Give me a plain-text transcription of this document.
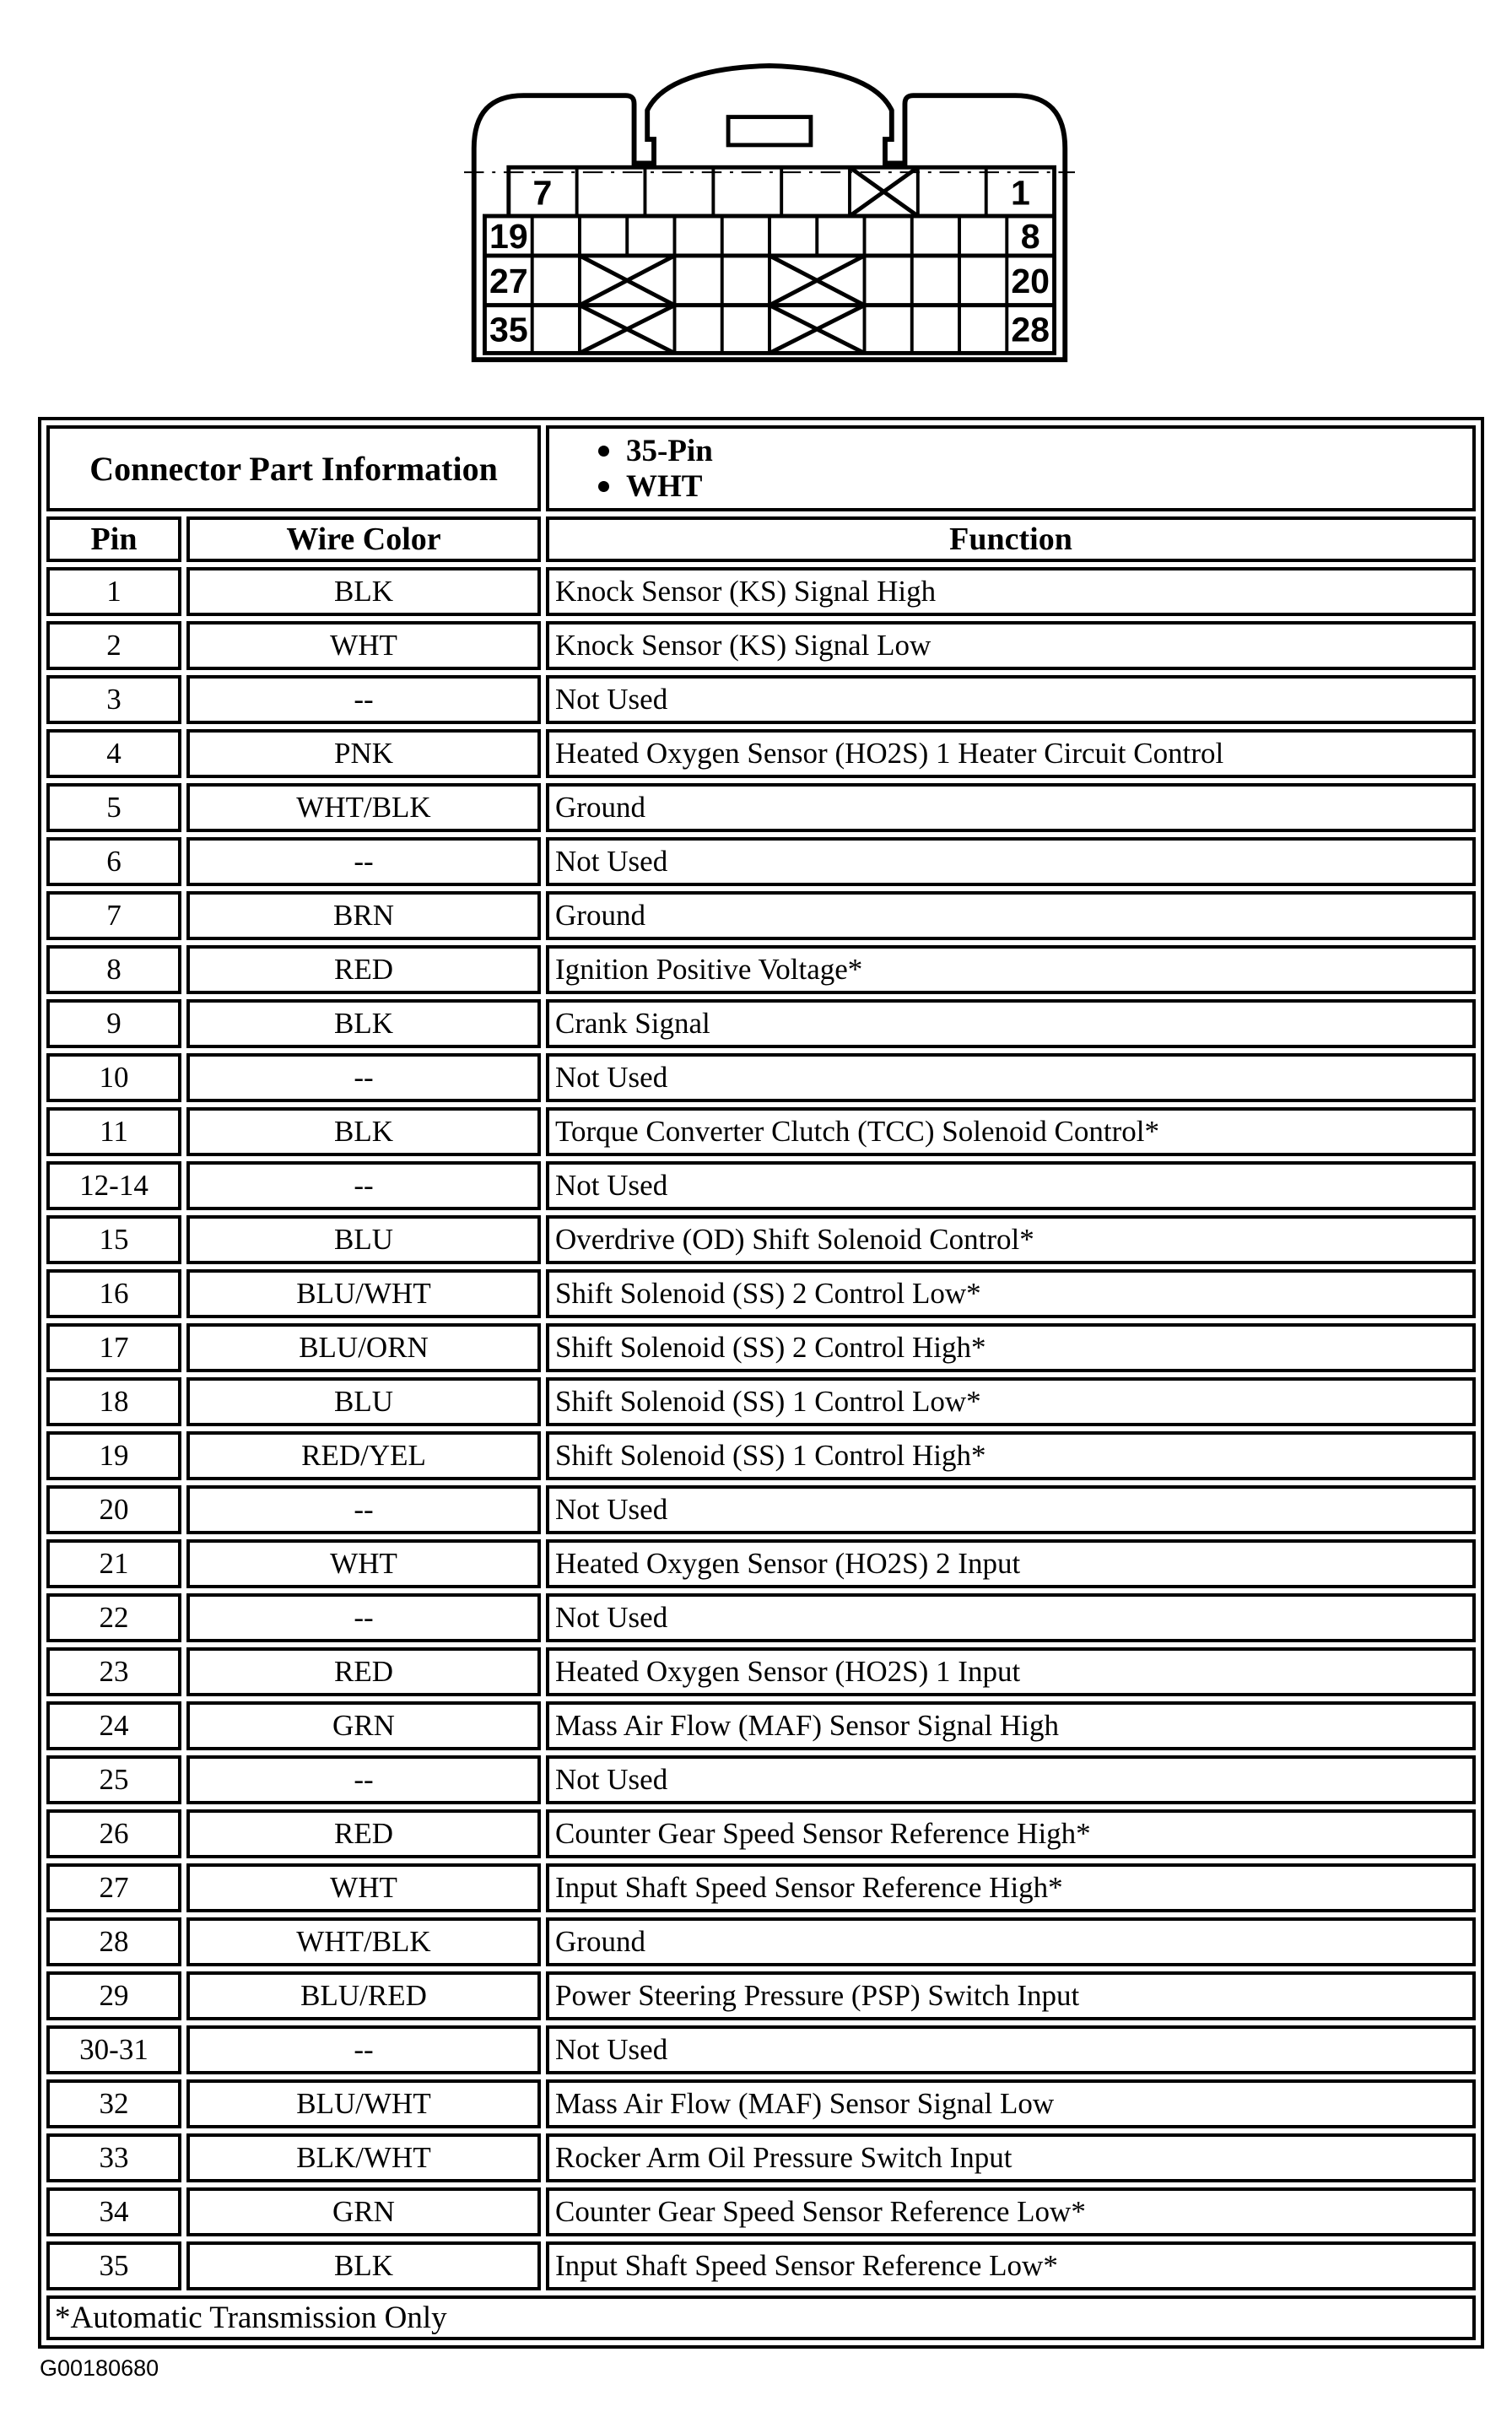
7	1
19	8
27	20
35	28
Connector Part Information		35-Pin
WHT

Pin	Wire Color	Function
1	BLK	Knock Sensor (KS) Signal High
2	WHT	Knock Sensor (KS) Signal Low
3	--	Not Used
4	PNK	Heated Oxygen Sensor (HO2S) 1 Heater Circuit Control
5	WHT/BLK	Ground
6	--	Not Used
7	BRN	Ground
8	RED	Ignition Positive Voltage*
9	BLK	Crank Signal
10	--	Not Used
11	BLK	Torque Converter Clutch (TCC) Solenoid Control*
12-14	--	Not Used
15	BLU	Overdrive (OD) Shift Solenoid Control*
16	BLU/WHT	Shift Solenoid (SS) 2 Control Low*
17	BLU/ORN	Shift Solenoid (SS) 2 Control High*
18	BLU	Shift Solenoid (SS) 1 Control Low*
19	RED/YEL	Shift Solenoid (SS) 1 Control High*
20	--	Not Used
21	WHT	Heated Oxygen Sensor (HO2S) 2 Input
22	--	Not Used
23	RED	Heated Oxygen Sensor (HO2S) 1 Input
24	GRN	Mass Air Flow (MAF) Sensor Signal High
25	--	Not Used
26	RED	Counter Gear Speed Sensor Reference High*
27	WHT	Input Shaft Speed Sensor Reference High*
28	WHT/BLK	Ground
29	BLU/RED	Power Steering Pressure (PSP) Switch Input
30-31	--	Not Used
32	BLU/WHT	Mass Air Flow (MAF) Sensor Signal Low
33	BLK/WHT	Rocker Arm Oil Pressure Switch Input
34	GRN	Counter Gear Speed Sensor Reference Low*
35	BLK	Input Shaft Speed Sensor Reference Low*
*Automatic Transmission Only		
G00180680
